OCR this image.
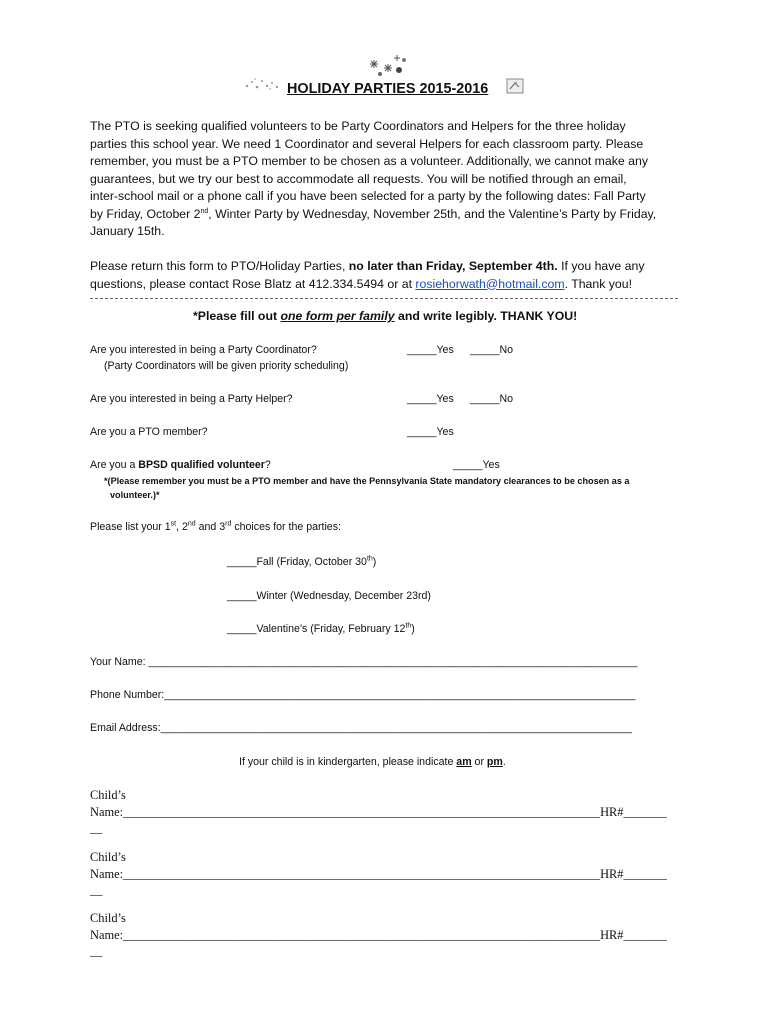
HOLIDAY PARTIES 2015-2016
The PTO is seeking qualified volunteers to be Party Coordinators and Helpers for the three holiday
parties this school year. We need 1 Coordinator and several Helpers for each classroom party. Please
remember, you must be a PTO member to be chosen as a volunteer. Additionally, we cannot make any
guarantees, but we try our best to accommodate all requests. You will be notified through an email,
inter-school mail or a phone call if you have been selected for a party by the following dates: Fall Party
by Friday, October 2nd, Winter Party by Wednesday, November 25th, and the Valentine’s Party by Friday,
January 15th.
Please return this form to PTO/Holiday Parties, no later than Friday, September 4th. If you have any
questions, please contact Rose Blatz at 412.334.5494 or at rosiehorwath@hotmail.com. Thank you!
*Please fill out one form per family and write legibly. THANK YOU!
Are you interested in being a Party Coordinator?	_____Yes _____No
(Party Coordinators will be given priority scheduling)
Are you interested in being a Party Helper?	_____Yes _____No
Are you a PTO member?	_____Yes
Are you a BPSD qualified volunteer?	_____Yes
*(Please remember you must be a PTO member and have the Pennsylvania State mandatory clearances to be chosen as a
volunteer.)*
Please list your 1st, 2nd and 3rd choices for the parties:
_____Fall (Friday, October 30th)
_____Winter (Wednesday, December 23rd)
_____Valentine’s (Friday, February 12th)
Your Name: ___________________________________________________________________________________
Phone Number:________________________________________________________________________________
Email Address:________________________________________________________________________________
If your child is in kindergarten, please indicate am or pm.
Child’s
Name:_____________________________________________________________________________HR#_______
__
Child’s
Name:_____________________________________________________________________________HR#_______
__
Child’s
Name:_____________________________________________________________________________HR#_______
__
